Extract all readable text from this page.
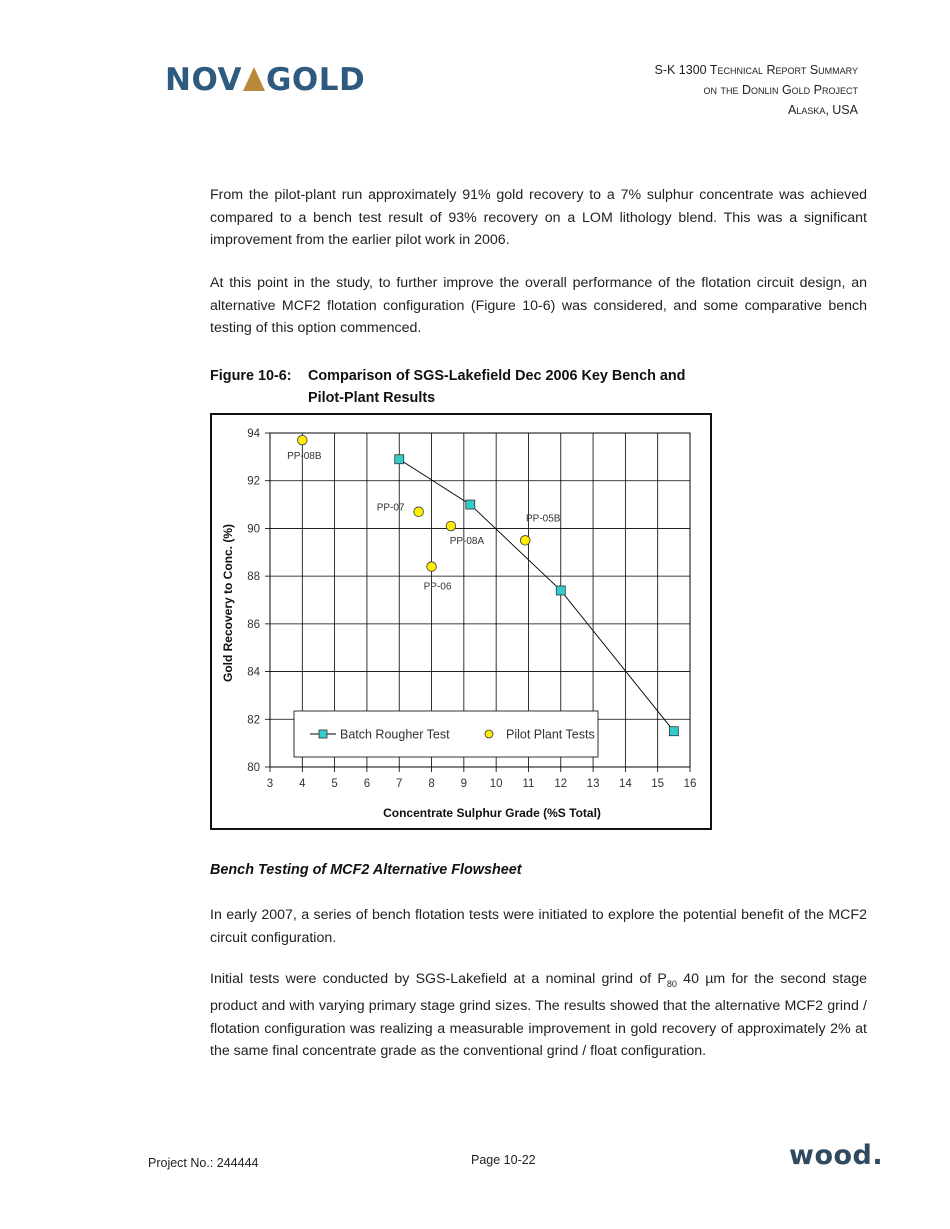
NOV GOLD	S-K 1300 Technical Report Summary
on the Donlin Gold Project
Alaska, USA

From the pilot-plant run approximately 91% gold recovery to a 7% sulphur concentrate was achieved compared to a bench test result of 93% recovery on a LOM lithology blend. This was a significant improvement from the earlier pilot work in 2006.

At this point in the study, to further improve the overall performance of the flotation circuit design, an alternative MCF2 flotation configuration (Figure 10-6) was considered, and some comparative bench testing of this option commenced.

Figure 10-6: Comparison of SGS-Lakefield Dec 2006 Key Bench and
Pilot-Plant Results
3 4 5 6 7 8 9 10 11 12 13 14 15 16
80
82
84
86
88
90
92
94
Concentrate Sulphur Grade (%S Total)
Gold Recovery to Conc. (%)
PP-08B
PP-07
PP-08A
PP-06
PP-05B
Batch Rougher Test	Pilot Plant Tests
Bench Testing of MCF2 Alternative Flowsheet

In early 2007, a series of bench flotation tests were initiated to explore the potential benefit of the MCF2 circuit configuration.

Initial tests were conducted by SGS-Lakefield at a nominal grind of $P_{80}$ 40 µm for the second stage product and with varying primary stage grind sizes. The results showed that the alternative MCF2 grind / flotation configuration was realizing a measurable improvement in gold recovery of approximately 2% at the same final concentrate grade as the conventional grind / float configuration.

Project No.: 244444	Page 10-22	wood.
